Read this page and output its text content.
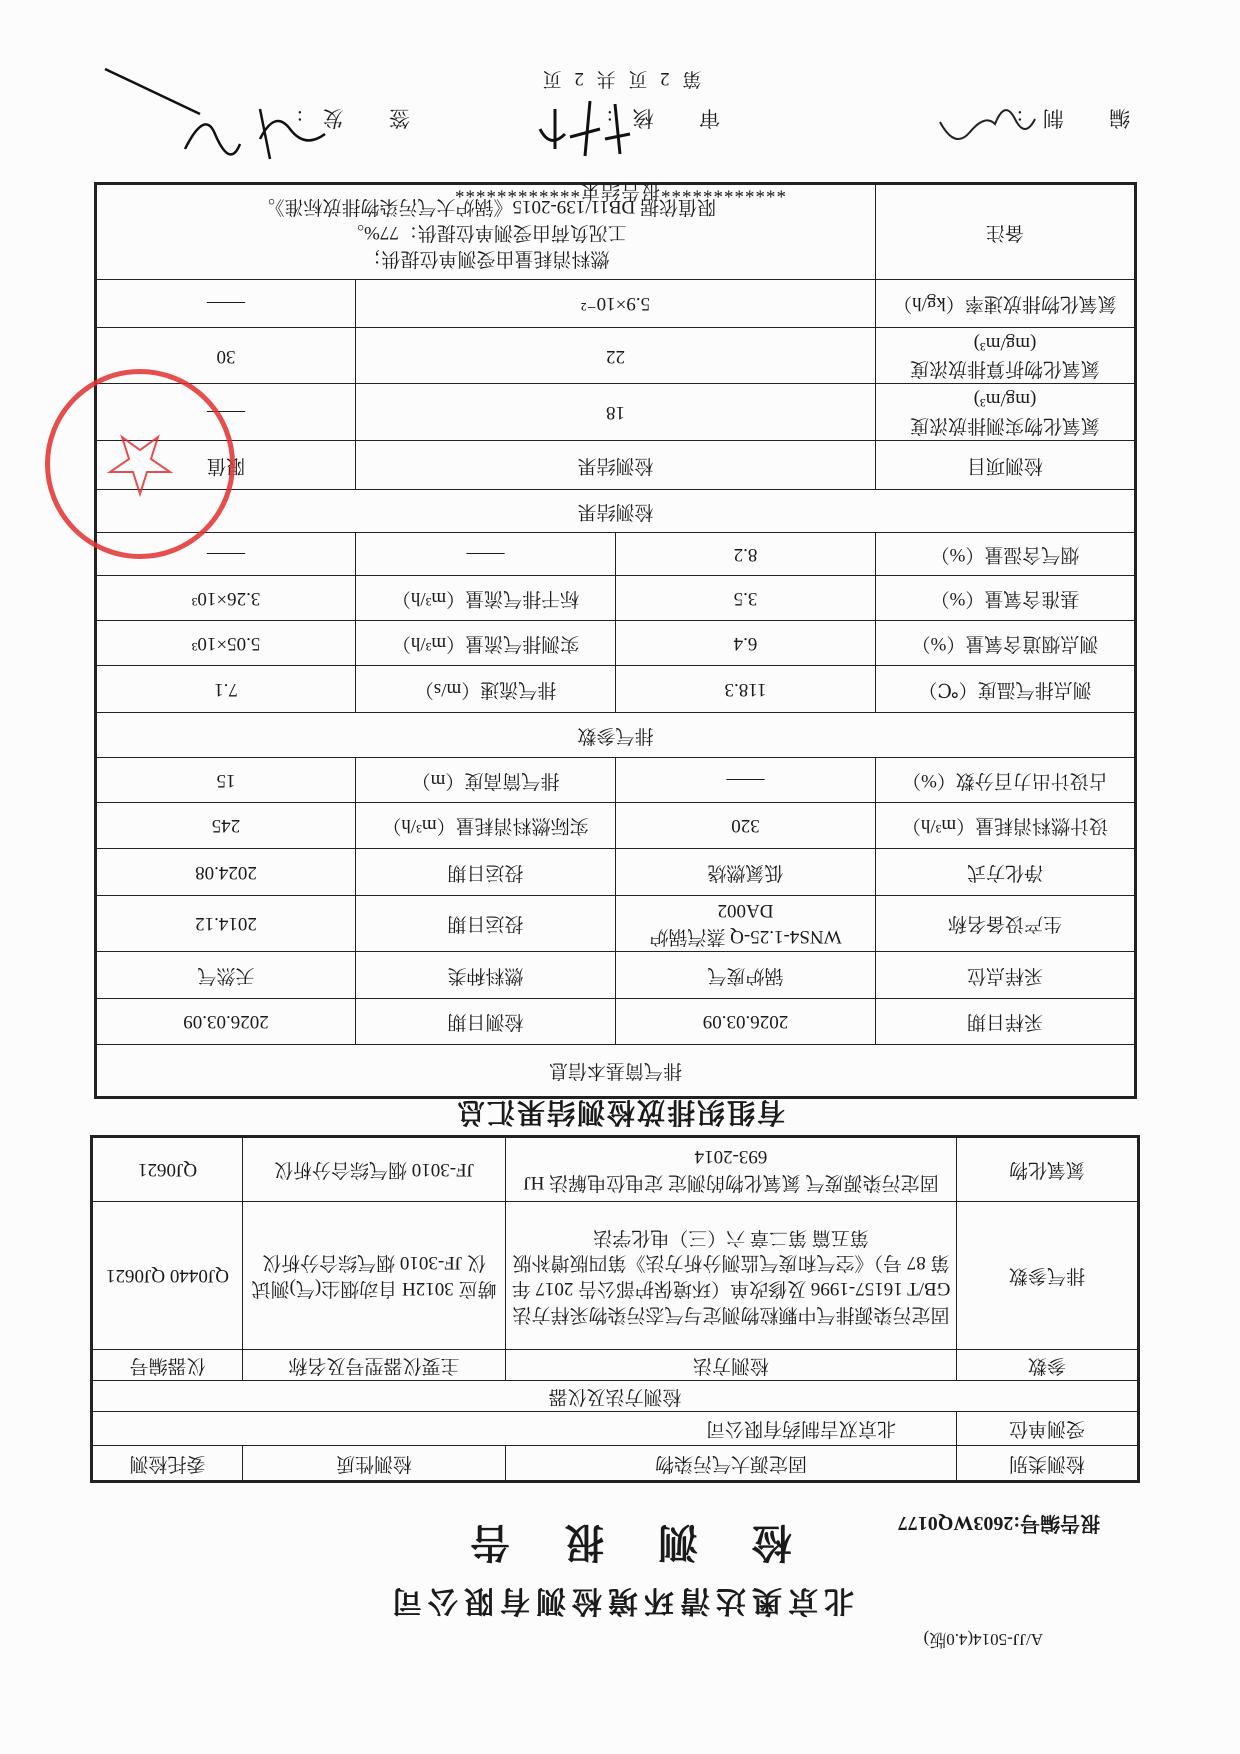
A/JJ-5014(4.0版)
北京奥达清环境检测有限公司
检 测 报 告	报告编号:2603WQ0177
检测类别	固定源大气污染物	检测性质	委托检测
受测单位	北京双吉制药有限公司		
检测方法及仪器			
参数	检测方法	主要仪器型号及名称	仪器编号
排气参数	固定污染源排气中颗粒物测定与气态污染物采样方法 GB/T 16157-1996 及修改单（环境保护部公告 2017 年第 87 号）《空气和废气监测分析方法》第四版增补版 第五篇 第二章 六（三）电化学法	崂应 3012H 自动烟尘(气)测试仪 JF-3010 烟气综合分析仪	QJ0440 QJ0621
氮氧化物	固定污染源废气 氮氧化物的测定 定电位电解法 HJ 693-2014	JF-3010 烟气综合分析仪	QJ0621
有组织排放检测结果汇总
排气筒基本信息			
采样日期	2026.03.09	检测日期	2026.03.09
采样点位	锅炉废气	燃料种类	天然气
生产设备名称	WNS4-1.25-Q 蒸汽锅炉 DA002	投运日期	2014.12
净化方式	低氮燃烧	投运日期	2024.08
设计燃料消耗量（m³/h）	320	实际燃料消耗量（m³/h）	245
占设计出力百分数（%）	——	排气筒高度（m）	15
排气参数			
测点排气温度（℃）	118.3	排气流速（m/s）	7.1
测点烟道含氧量（%）	6.4	实测排气流量（m³/h）	5.05×10³
基准含氧量（%）	3.5	标干排气流量（m³/h）	3.26×10³
烟气含湿量（%）	8.2	——	——
检测结果			
检测项目	检测结果		限值
氮氧化物实测排放浓度(mg/m³)	18		——
氮氧化物折算排放浓度(mg/m³)	22		30
氮氧化物排放速率（kg/h）	5.9×10⁻²		——
备注	燃料消耗量由受测单位提供；
工况负荷由受测单位提供：77%。
限值依据 DB11/139-2015《锅炉大气污染物排放标准》。		
************报告结束************
编 制:
审 核:
签 发:
第 2 页 共 2 页
